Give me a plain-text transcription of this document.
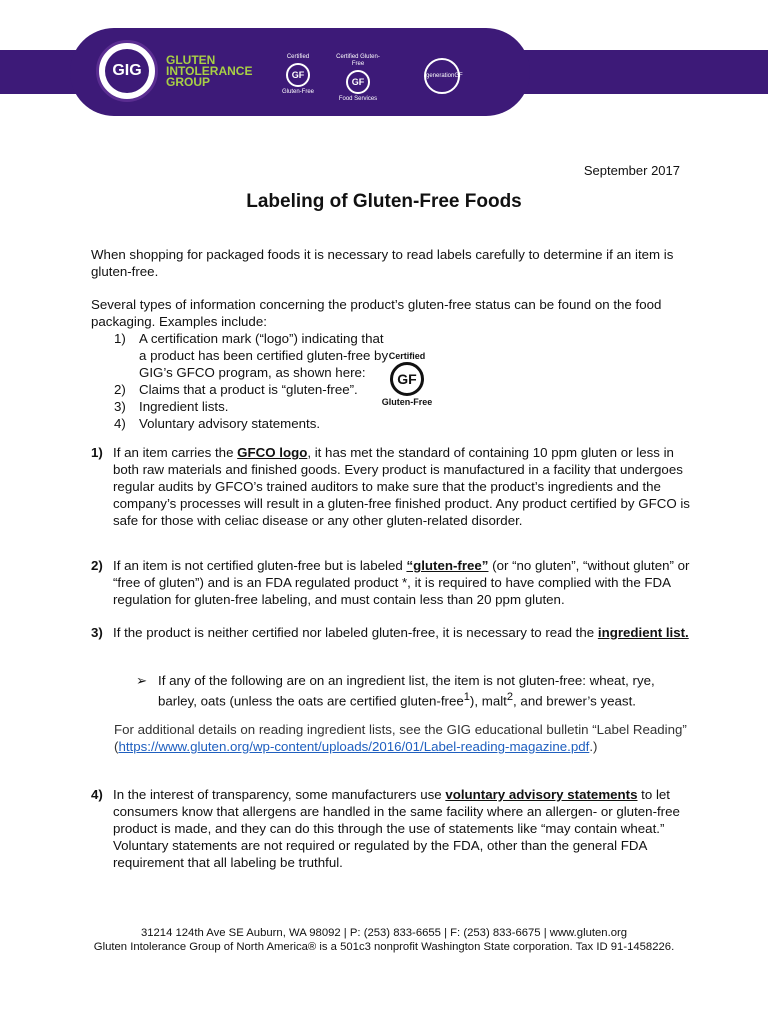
GIG
GLUTEN
INTOLERANCE
GROUP
Certified
GF
Gluten-Free
Certified Gluten-Free
GF
Food Services
generationGF
September 2017
Labeling of Gluten-Free Foods

When shopping for packaged foods it is necessary to read labels carefully to determine if an item is gluten-free.

Several types of information concerning the product’s gluten-free status can be found on the food packaging. Examples include:

1) A certification mark (“logo”) indicating that a product has been certified gluten-free by GIG’s GFCO program, as shown here:
2) Claims that a product is “gluten-free”.
3) Ingredient lists.
4) Voluntary advisory statements.
Certified
GF
Gluten-Free
1) If an item carries the GFCO logo, it has met the standard of containing 10 ppm gluten or less in both raw materials and finished goods. Every product is manufactured in a facility that undergoes regular audits by GFCO’s trained auditors to make sure that the product’s ingredients and the company’s processes will result in a gluten-free finished product. Any product certified by GFCO is safe for those with celiac disease or any other gluten-related disorder.
2) If an item is not certified gluten-free but is labeled “gluten-free” (or “no gluten”, “without gluten” or “free of gluten”) and is an FDA regulated product *, it is required to have complied with the FDA regulation for gluten-free labeling, and must contain less than 20 ppm gluten.
3) If the product is neither certified nor labeled gluten-free, it is necessary to read the ingredient list.
➢ If any of the following are on an ingredient list, the item is not gluten-free: wheat, rye, barley, oats (unless the oats are certified gluten-free$^1$), malt$^2$, and brewer’s yeast.
For additional details on reading ingredient lists, see the GIG educational bulletin “Label Reading” (https://www.gluten.org/wp-content/uploads/2016/01/Label-reading-magazine.pdf.)
4) In the interest of transparency, some manufacturers use voluntary advisory statements to let consumers know that allergens are handled in the same facility where an allergen- or gluten-free product is made, and they can do this through the use of statements like “may contain wheat.” Voluntary statements are not required or regulated by the FDA, other than the general FDA requirement that all labeling be truthful.
31214 124th Ave SE Auburn, WA 98092 | P: (253) 833-6655 | F: (253) 833-6675 | www.gluten.org
Gluten Intolerance Group of North America® is a 501c3 nonprofit Washington State corporation. Tax ID 91-1458226.
